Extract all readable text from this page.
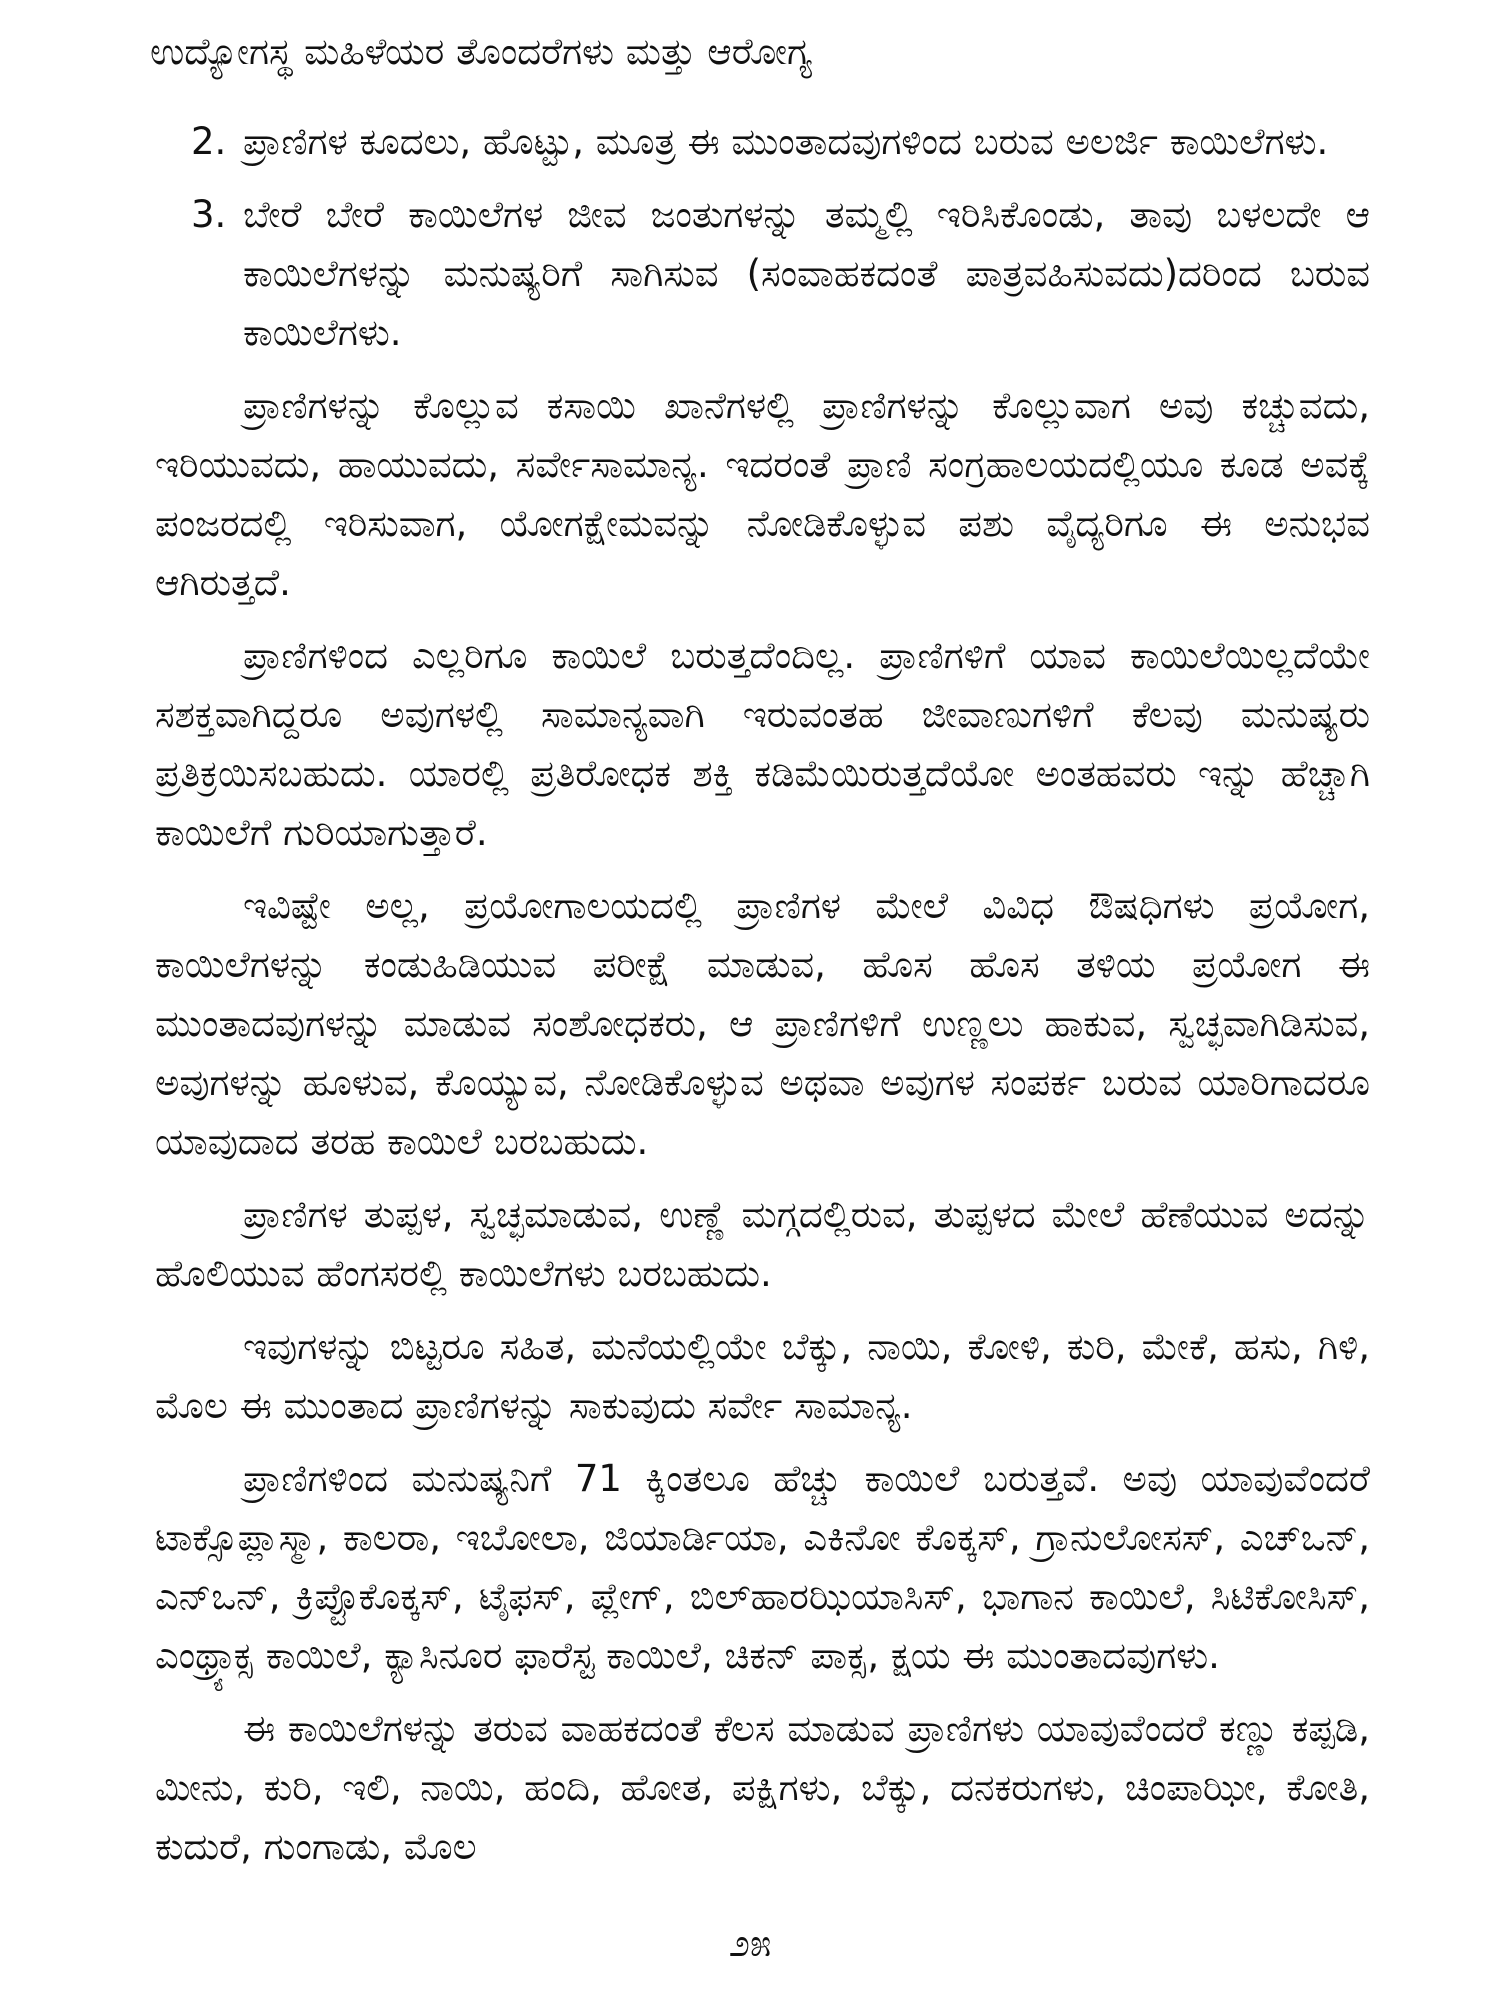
ಉದ್ಯೋಗಸ್ಥ ಮಹಿಳೆಯರ ತೊಂದರೆಗಳು ಮತ್ತು ಆರೋಗ್ಯ
2. ಪ್ರಾಣಿಗಳ ಕೂದಲು, ಹೊಟ್ಟು, ಮೂತ್ರ ಈ ಮುಂತಾದವುಗಳಿಂದ ಬರುವ ಅಲರ್ಜಿ ಕಾಯಿಲೆಗಳು.
3. ಬೇರೆ ಬೇರೆ ಕಾಯಿಲೆಗಳ ಜೀವ ಜಂತುಗಳನ್ನು ತಮ್ಮಲ್ಲಿ ಇರಿಸಿಕೊಂಡು, ತಾವು ಬಳಲದೇ ಆ ಕಾಯಿಲೆಗಳನ್ನು ಮನುಷ್ಯರಿಗೆ ಸಾಗಿಸುವ (ಸಂವಾಹಕದಂತೆ ಪಾತ್ರವಹಿಸುವದು)ದರಿಂದ ಬರುವ ಕಾಯಿಲೆಗಳು.

ಪ್ರಾಣಿಗಳನ್ನು ಕೊಲ್ಲುವ ಕಸಾಯಿ ಖಾನೆಗಳಲ್ಲಿ ಪ್ರಾಣಿಗಳನ್ನು ಕೊಲ್ಲುವಾಗ ಅವು ಕಚ್ಚುವದು, ಇರಿಯುವದು, ಹಾಯುವದು, ಸರ್ವೇಸಾಮಾನ್ಯ. ಇದರಂತೆ ಪ್ರಾಣಿ ಸಂಗ್ರಹಾಲಯದಲ್ಲಿಯೂ ಕೂಡ ಅವಕ್ಕೆ ಪಂಜರದಲ್ಲಿ ಇರಿಸುವಾಗ, ಯೋಗಕ್ಷೇಮವನ್ನು ನೋಡಿಕೊಳ್ಳುವ ಪಶು ವೈದ್ಯರಿಗೂ ಈ ಅನುಭವ ಆಗಿರುತ್ತದೆ.

ಪ್ರಾಣಿಗಳಿಂದ ಎಲ್ಲರಿಗೂ ಕಾಯಿಲೆ ಬರುತ್ತದೆಂದಿಲ್ಲ. ಪ್ರಾಣಿಗಳಿಗೆ ಯಾವ ಕಾಯಿಲೆಯಿಲ್ಲದೆಯೇ ಸಶಕ್ತವಾಗಿದ್ದರೂ ಅವುಗಳಲ್ಲಿ ಸಾಮಾನ್ಯವಾಗಿ ಇರುವಂತಹ ಜೀವಾಣುಗಳಿಗೆ ಕೆಲವು ಮನುಷ್ಯರು ಪ್ರತಿಕ್ರಯಿಸಬಹುದು. ಯಾರಲ್ಲಿ ಪ್ರತಿರೋಧಕ ಶಕ್ತಿ ಕಡಿಮೆಯಿರುತ್ತದೆಯೋ ಅಂತಹವರು ಇನ್ನು ಹೆಚ್ಚಾಗಿ ಕಾಯಿಲೆಗೆ ಗುರಿಯಾಗುತ್ತಾರೆ.

ಇವಿಷ್ಟೇ ಅಲ್ಲ, ಪ್ರಯೋಗಾಲಯದಲ್ಲಿ ಪ್ರಾಣಿಗಳ ಮೇಲೆ ವಿವಿಧ ಔಷಧಿಗಳು ಪ್ರಯೋಗ, ಕಾಯಿಲೆಗಳನ್ನು ಕಂಡುಹಿಡಿಯುವ ಪರೀಕ್ಷೆ ಮಾಡುವ, ಹೊಸ ಹೊಸ ತಳಿಯ ಪ್ರಯೋಗ ಈ ಮುಂತಾದವುಗಳನ್ನು ಮಾಡುವ ಸಂಶೋಧಕರು, ಆ ಪ್ರಾಣಿಗಳಿಗೆ ಉಣ್ಣಲು ಹಾಕುವ, ಸ್ವಚ್ಛವಾಗಿಡಿಸುವ, ಅವುಗಳನ್ನು ಹೂಳುವ, ಕೊಯ್ಯುವ, ನೋಡಿಕೊಳ್ಳುವ ಅಥವಾ ಅವುಗಳ ಸಂಪರ್ಕ ಬರುವ ಯಾರಿಗಾದರೂ ಯಾವುದಾದ ತರಹ ಕಾಯಿಲೆ ಬರಬಹುದು.

ಪ್ರಾಣಿಗಳ ತುಪ್ಪಳ, ಸ್ವಚ್ಛಮಾಡುವ, ಉಣ್ಣೆ ಮಗ್ಗದಲ್ಲಿರುವ, ತುಪ್ಪಳದ ಮೇಲೆ ಹೆಣೆಯುವ ಅದನ್ನು ಹೊಲಿಯುವ ಹೆಂಗಸರಲ್ಲಿ ಕಾಯಿಲೆಗಳು ಬರಬಹುದು.

ಇವುಗಳನ್ನು ಬಿಟ್ಟರೂ ಸಹಿತ, ಮನೆಯಲ್ಲಿಯೇ ಬೆಕ್ಕು, ನಾಯಿ, ಕೋಳಿ, ಕುರಿ, ಮೇಕೆ, ಹಸು, ಗಿಳಿ, ಮೊಲ ಈ ಮುಂತಾದ ಪ್ರಾಣಿಗಳನ್ನು ಸಾಕುವುದು ಸರ್ವೇ ಸಾಮಾನ್ಯ.

ಪ್ರಾಣಿಗಳಿಂದ ಮನುಷ್ಯನಿಗೆ 71 ಕ್ಕಿಂತಲೂ ಹೆಚ್ಚು ಕಾಯಿಲೆ ಬರುತ್ತವೆ. ಅವು ಯಾವುವೆಂದರೆ ಟಾಕ್ಸೊಪ್ಲಾಸ್ಮಾ, ಕಾಲರಾ, ಇಬೋಲಾ, ಜಿಯಾರ್ಡಿಯಾ, ಎಕಿನೋ ಕೊಕ್ಕಸ್, ಗ್ರಾನುಲೋಸಸ್, ಎಚ್‌ಒನ್, ಎನ್‌ಒನ್, ಕ್ರಿಪ್ಟೊಕೊಕ್ಕಸ್, ಟೈಫಸ್, ಪ್ಲೇಗ್, ಬಿಲ್‌ಹಾರಝಿಯಾಸಿಸ್, ಭಾಗಾನ ಕಾಯಿಲೆ, ಸಿಟಿಕೋಸಿಸ್, ಎಂಥ್ರ್ಯಾಕ್ಸ ಕಾಯಿಲೆ, ಕ್ಯಾಸಿನೂರ ಫಾರೆಸ್ಟ ಕಾಯಿಲೆ, ಚಿಕನ್ ಪಾಕ್ಸ, ಕ್ಷಯ ಈ ಮುಂತಾದವುಗಳು.

ಈ ಕಾಯಿಲೆಗಳನ್ನು ತರುವ ವಾಹಕದಂತೆ ಕೆಲಸ ಮಾಡುವ ಪ್ರಾಣಿಗಳು ಯಾವುವೆಂದರೆ ಕಣ್ಣು ಕಪ್ಪಡಿ, ಮೀನು, ಕುರಿ, ಇಲಿ, ನಾಯಿ, ಹಂದಿ, ಹೋತ, ಪಕ್ಷಿಗಳು, ಬೆಕ್ಕು, ದನಕರುಗಳು, ಚಿಂಪಾಝೀ, ಕೋತಿ, ಕುದುರೆ, ಗುಂಗಾಡು, ಮೊಲ

೨೫
